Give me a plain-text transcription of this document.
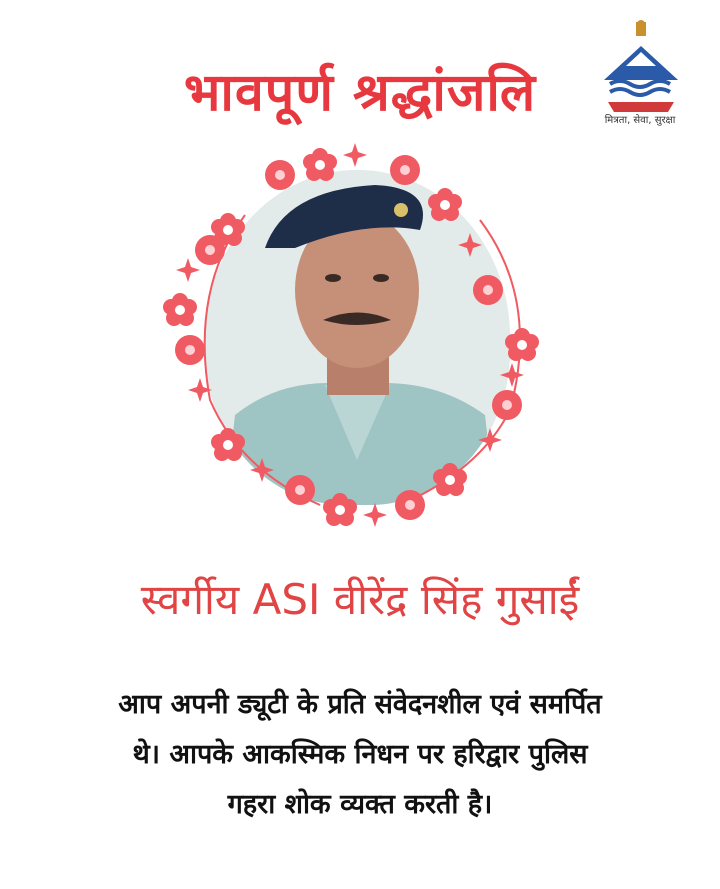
भावपूर्ण श्रद्धांजलि	मित्रता, सेवा, सुरक्षा
स्वर्गीय ASI वीरेंद्र सिंह गुसाईं
आप अपनी ड्यूटी के प्रति संवेदनशील एवं समर्पित
थे। आपके आकस्मिक निधन पर हरिद्वार पुलिस
गहरा शोक व्यक्त करती है।
